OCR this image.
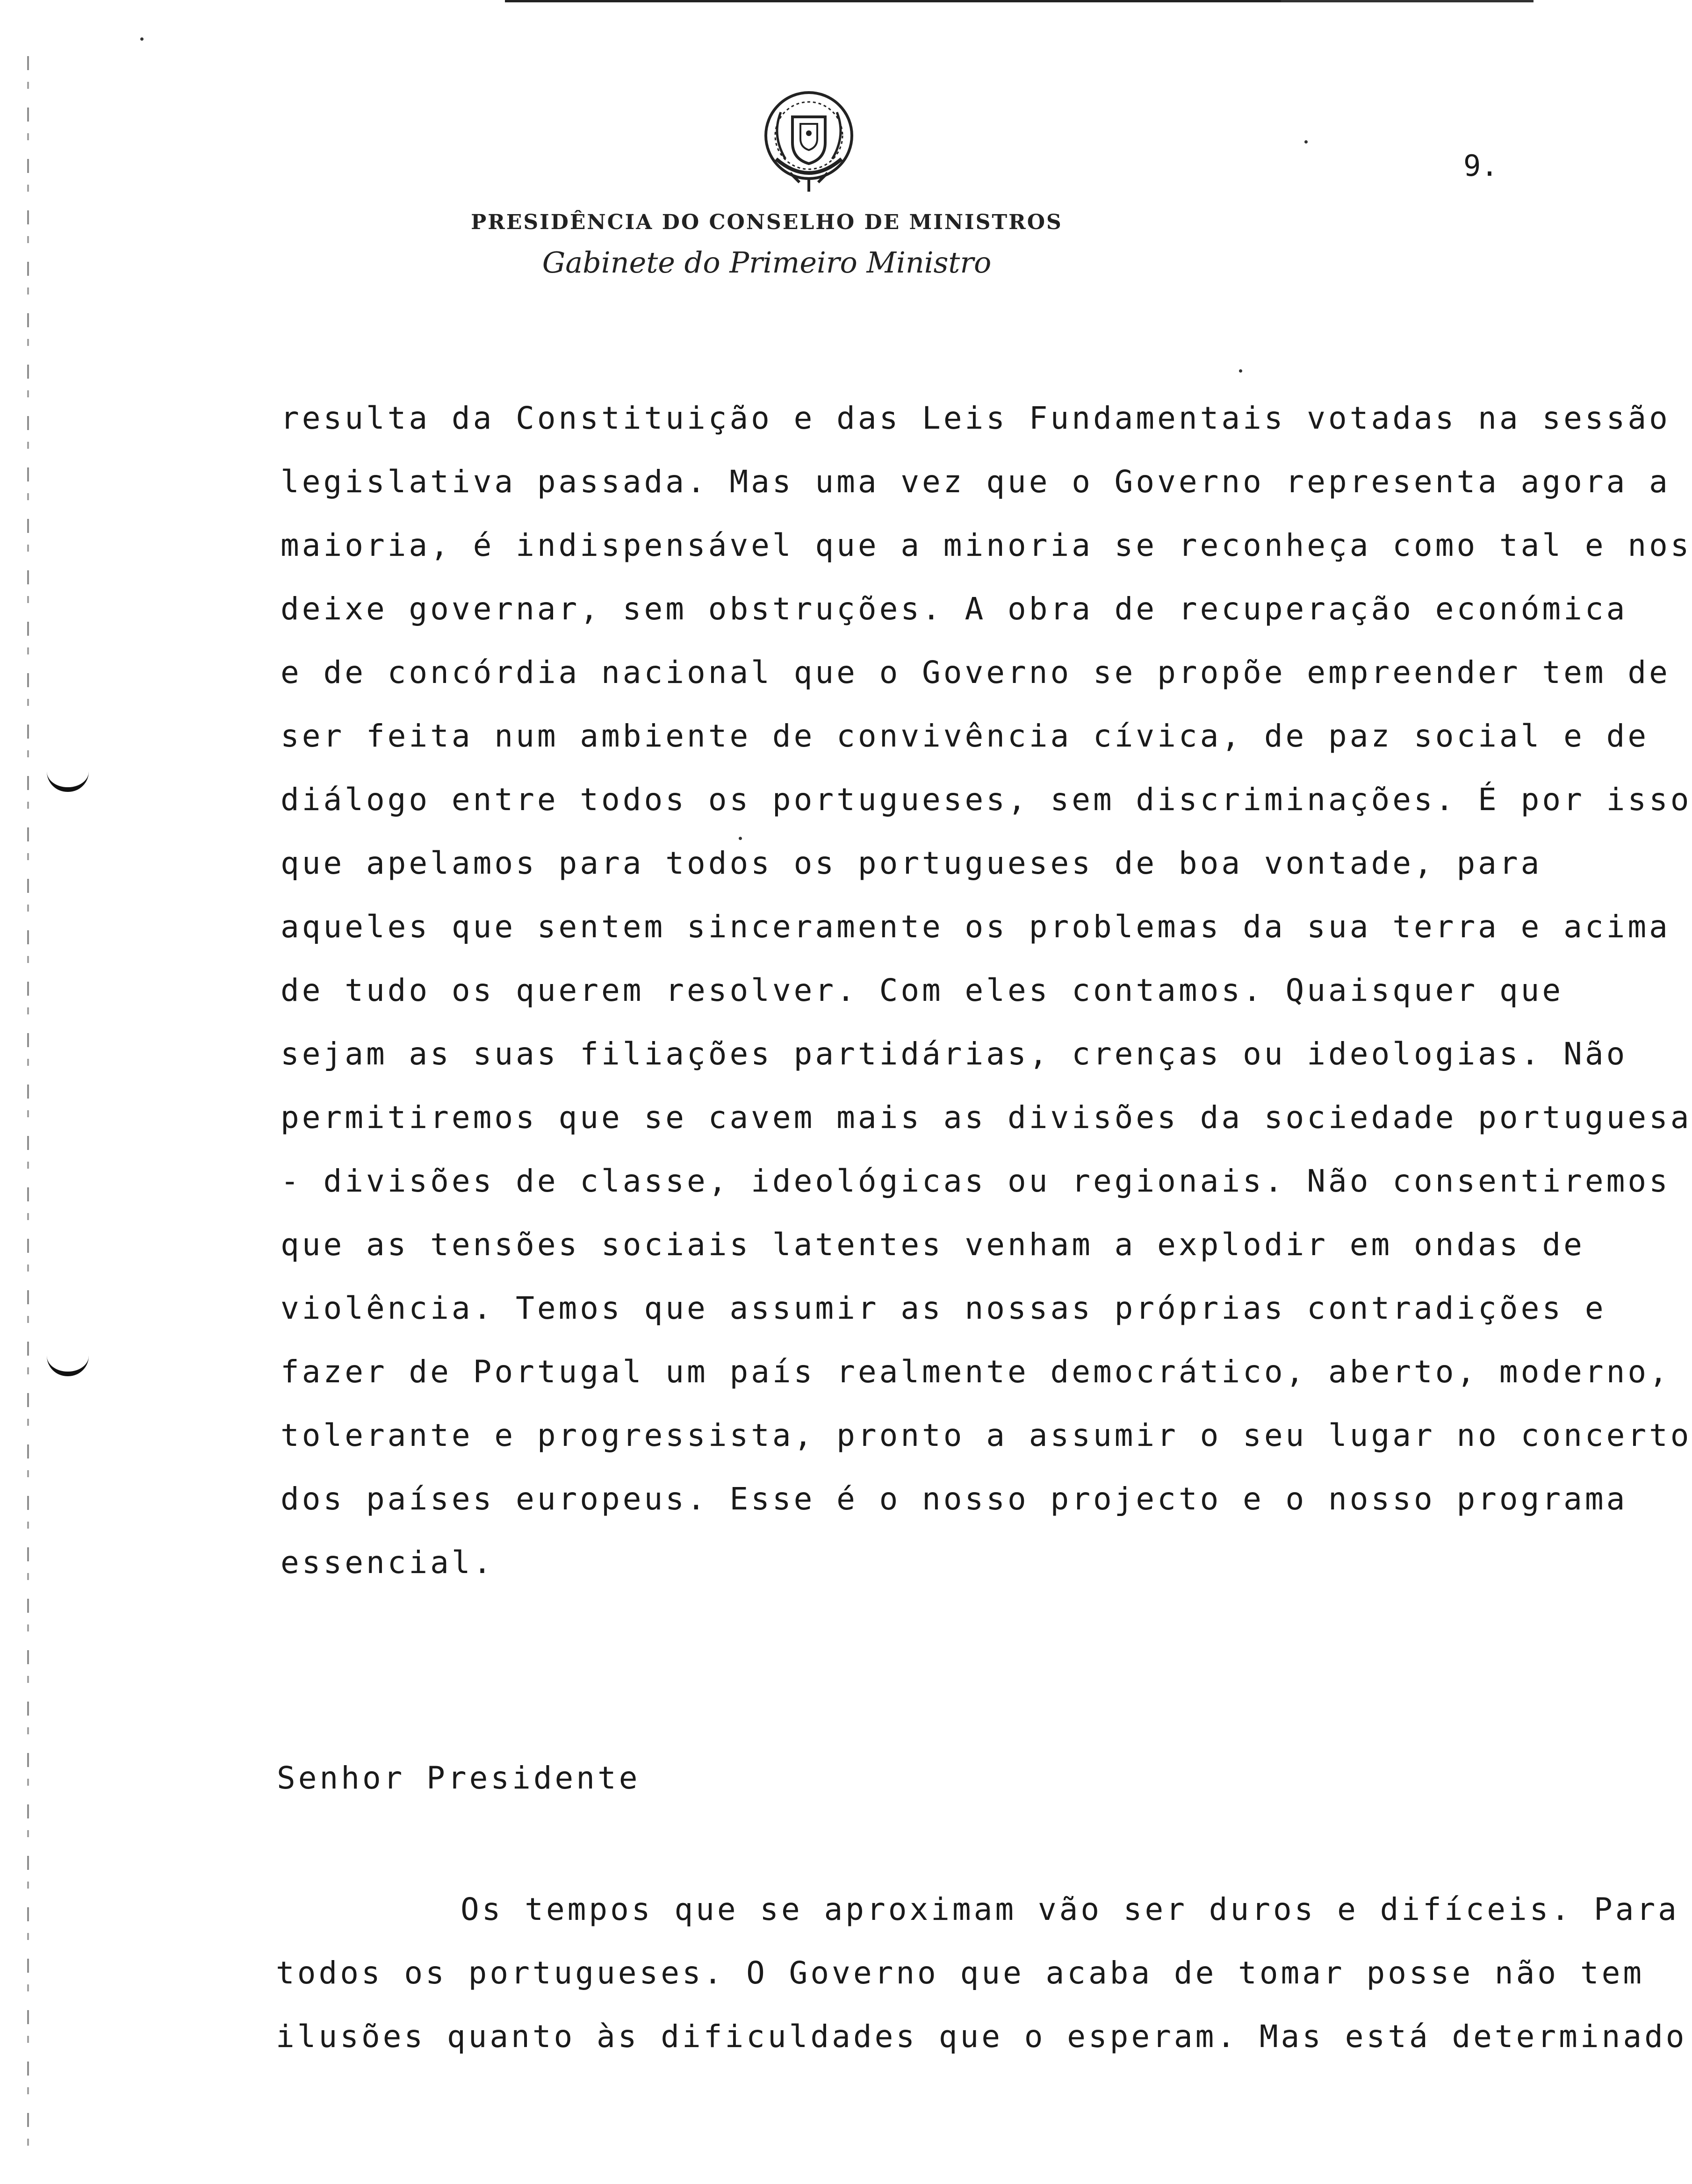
PRESIDÊNCIA DO CONSELHO DE MINISTROS
Gabinete do Primeiro Ministro
9.
resulta da Constituição e das Leis Fundamentais votadas na sessão
legislativa passada. Mas uma vez que o Governo representa agora a
maioria, é indispensável que a minoria se reconheça como tal e nos
deixe governar, sem obstruções. A obra de recuperação económica
e de concórdia nacional que o Governo se propõe empreender tem de
ser feita num ambiente de convivência cívica, de paz social e de
diálogo entre todos os portugueses, sem discriminações. É por isso
que apelamos para todos os portugueses de boa vontade, para
aqueles que sentem sinceramente os problemas da sua terra e acima
de tudo os querem resolver. Com eles contamos. Quaisquer que
sejam as suas filiações partidárias, crenças ou ideologias. Não
permitiremos que se cavem mais as divisões da sociedade portuguesa
- divisões de classe, ideológicas ou regionais. Não consentiremos
que as tensões sociais latentes venham a explodir em ondas de
violência. Temos que assumir as nossas próprias contradições e
fazer de Portugal um país realmente democrático, aberto, moderno,
tolerante e progressista, pronto a assumir o seu lugar no concerto
dos países europeus. Esse é o nosso projecto e o nosso programa
essencial.
Senhor Presidente
Os tempos que se aproximam vão ser duros e difíceis. Para
todos os portugueses. O Governo que acaba de tomar posse não tem
ilusões quanto às dificuldades que o esperam. Mas está determinado
